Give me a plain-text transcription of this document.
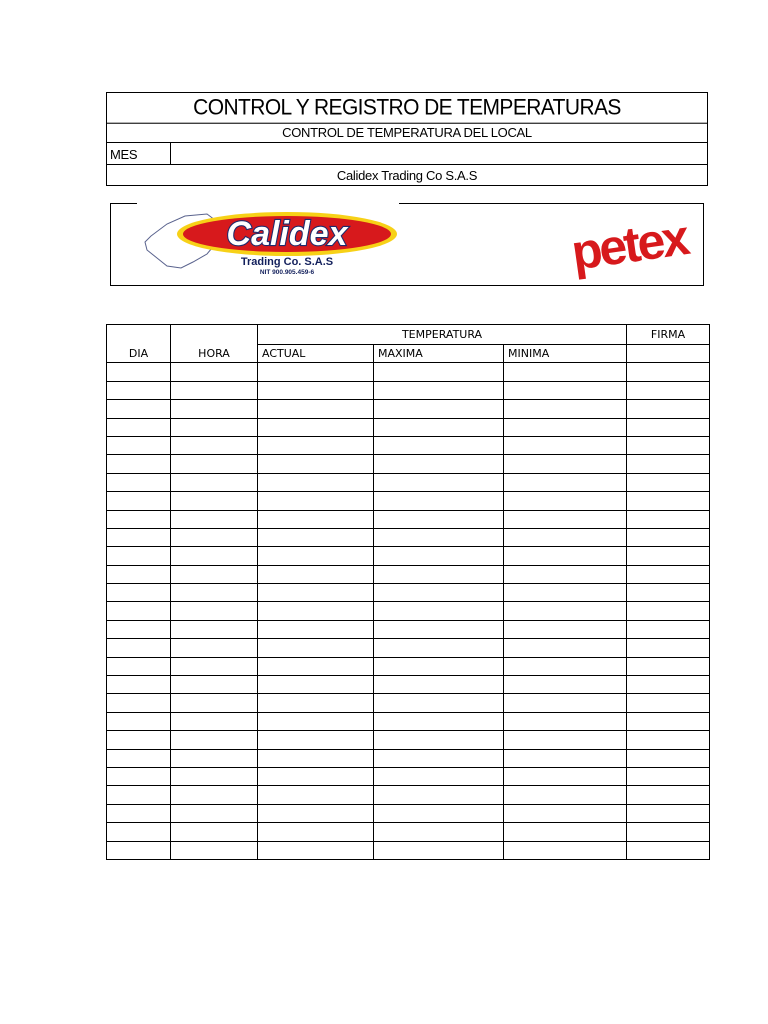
CONTROL Y REGISTRO DE TEMPERATURAS
CONTROL DE TEMPERATURA DEL LOCAL
MES
Calidex Trading Co S.A.S
Calidex
Trading Co. S.A.S
NIT 900.905.459-6	petex
DIA	HORA	TEMPERATURA			FIRMA
		ACTUAL	MAXIMA	MINIMA	
